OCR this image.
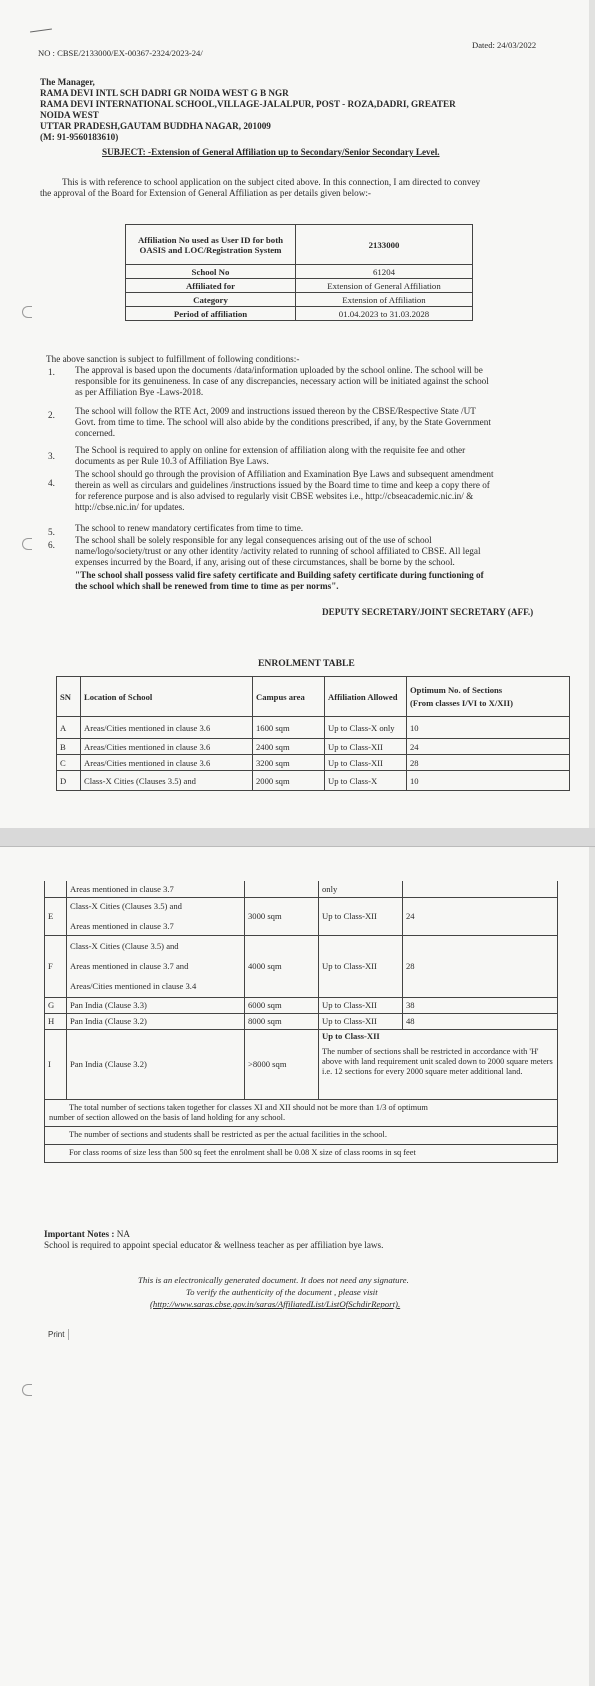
NO : CBSE/2133000/EX-00367-2324/2023-24/
Dated: 24/03/2022
The Manager,
RAMA DEVI INTL SCH DADRI GR NOIDA WEST G B NGR
RAMA DEVI INTERNATIONAL SCHOOL,VILLAGE-JALALPUR, POST - ROZA,DADRI, GREATER
NOIDA WEST
UTTAR PRADESH,GAUTAM BUDDHA NAGAR, 201009
(M: 91-9560183610)
SUBJECT: -Extension of General Affiliation up to Secondary/Senior Secondary Level.
This is with reference to school application on the subject cited above. In this connection, I am directed to convey
the approval of the Board for Extension of General Affiliation as per details given below:-
Affiliation No used as User ID for both OASIS and LOC/Registration System	2133000
School No	61204
Affiliated for	Extension of General Affiliation
Category	Extension of Affiliation
Period of affiliation	01.04.2023 to 31.03.2028
The above sanction is subject to fulfillment of following conditions:-
1. The approval is based upon the documents /data/information uploaded by the school online. The school will be
responsible for its genuineness. In case of any discrepancies, necessary action will be initiated against the school
as per Affiliation Bye -Laws-2018.
2. The school will follow the RTE Act, 2009 and instructions issued thereon by the CBSE/Respective State /UT
Govt. from time to time. The school will also abide by the conditions prescribed, if any, by the State Government
concerned.
3.
The School is required to apply on online for extension of affiliation along with the requisite fee and other
documents as per Rule 10.3 of Affiliation Bye Laws.
4.
The school should go through the provision of Affiliation and Examination Bye Laws and subsequent amendment
therein as well as circulars and guidelines /instructions issued by the Board time to time and keep a copy there of
for reference purpose and is also advised to regularly visit CBSE websites i.e., http://cbseacademic.nic.in/ &
http://cbse.nic.in/ for updates.
5. The school to renew mandatory certificates from time to time.
6. The school shall be solely responsible for any legal consequences arising out of the use of school
name/logo/society/trust or any other identity /activity related to running of school affiliated to CBSE. All legal
expenses incurred by the Board, if any, arising out of these circumstances, shall be borne by the school.
"The school shall possess valid fire safety certificate and Building safety certificate during functioning of
the school which shall be renewed from time to time as per norms".
DEPUTY SECRETARY/JOINT SECRETARY (AFF.)
ENROLMENT TABLE
SN	Location of School	Campus area	Affiliation Allowed	Optimum No. of Sections
(From classes I/VI to X/XII)

A	Areas/Cities mentioned in clause 3.6	1600 sqm	Up to Class-X only	10
B	Areas/Cities mentioned in clause 3.6	2400 sqm	Up to Class-XII	24
C	Areas/Cities mentioned in clause 3.6	3200 sqm	Up to Class-XII	28
D	Class-X Cities (Clauses 3.5) and	2000 sqm	Up to Class-X	10
	Areas mentioned in clause 3.7		only	
E	Class-X Cities (Clauses 3.5) and
Areas mentioned in clause 3.7	3000 sqm	Up to Class-XII	24
F	Class-X Cities (Clause 3.5) and
Areas mentioned in clause 3.7 and
Areas/Cities mentioned in clause 3.4	4000 sqm	Up to Class-XII	28
G	Pan India (Clause 3.3)	6000 sqm	Up to Class-XII	38
H	Pan India (Clause 3.2)	8000 sqm	Up to Class-XII	48
I	Pan India (Clause 3.2)	>8000 sqm	Up to Class-XII
The number of sections shall be restricted in accordance with 'H' above with land requirement unit scaled down to 2000 square meters i.e. 12 sections for every 2000 square meter additional land.	

The total number of sections taken together for classes XI and XII should not be more than 1/3 of optimum
number of section allowed on the basis of land holding for any school.				

The number of sections and students shall be restricted as per the actual facilities in the school.				
For class rooms of size less than 500 sq feet the enrolment shall be 0.08 X size of class rooms in sq feet				
Important Notes : NA
School is required to appoint special educator & wellness teacher as per affiliation bye laws.
This is an electronically generated document. It does not need any signature.
To verify the authenticity of the document , please visit
(http://www.saras.cbse.gov.in/saras/AffiliatedList/ListOfSchdirReport).
Print
